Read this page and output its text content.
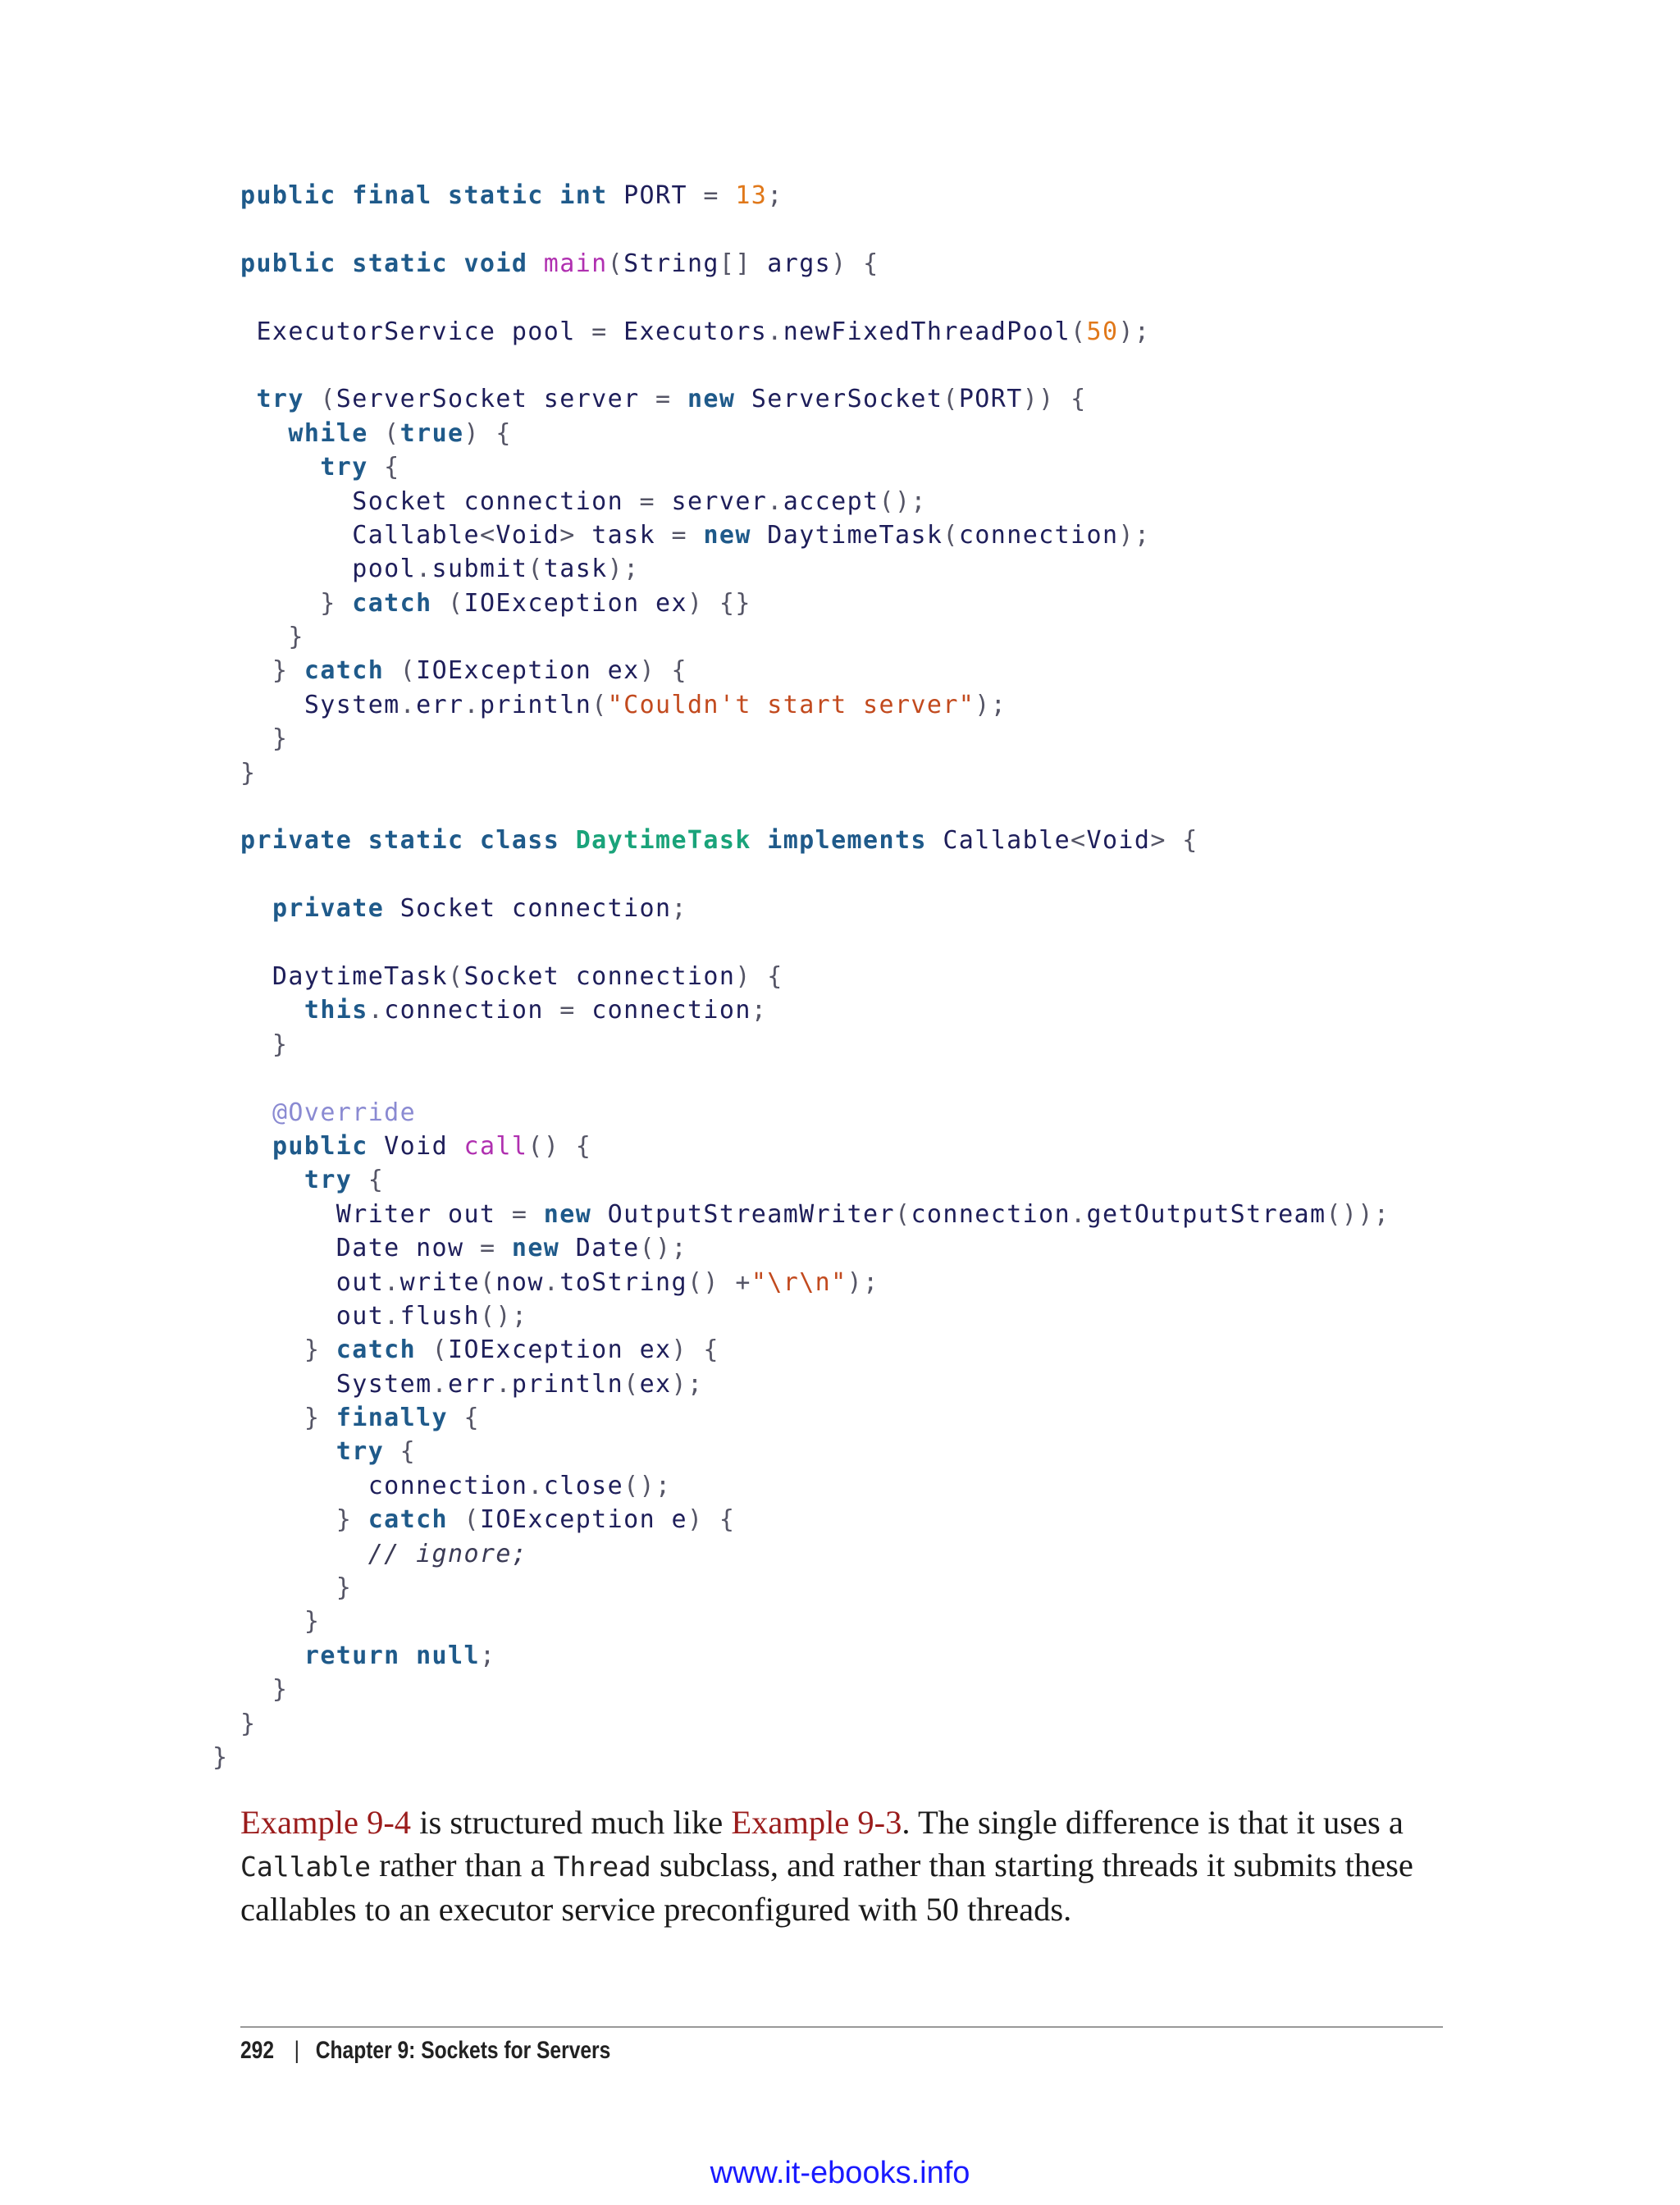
public final static int PORT = 13;

public static void main(String[] args) {

ExecutorService pool = Executors.newFixedThreadPool(50);

try (ServerSocket server = new ServerSocket(PORT)) {
while (true) {
try {
Socket connection = server.accept();
Callable<Void> task = new DaytimeTask(connection);
pool.submit(task);
} catch (IOException ex) {}
}
} catch (IOException ex) {
System.err.println("Couldn't start server");
}
}

private static class DaytimeTask implements Callable<Void> {

private Socket connection;

DaytimeTask(Socket connection) {
this.connection = connection;
}

@Override
public Void call() {
try {
Writer out = new OutputStreamWriter(connection.getOutputStream());
Date now = new Date();
out.write(now.toString() +"\r\n");
out.flush();
} catch (IOException ex) {
System.err.println(ex);
} finally {
try {
connection.close();
} catch (IOException e) {
// ignore;
}
}
return null;
}
}
}
Example 9-4 is structured much like Example 9-3. The single difference is that it uses a
Callable rather than a Thread subclass, and rather than starting threads it submits these
callables to an executor service preconfigured with 50 threads.
292 | Chapter 9: Sockets for Servers
www.it-ebooks.info
